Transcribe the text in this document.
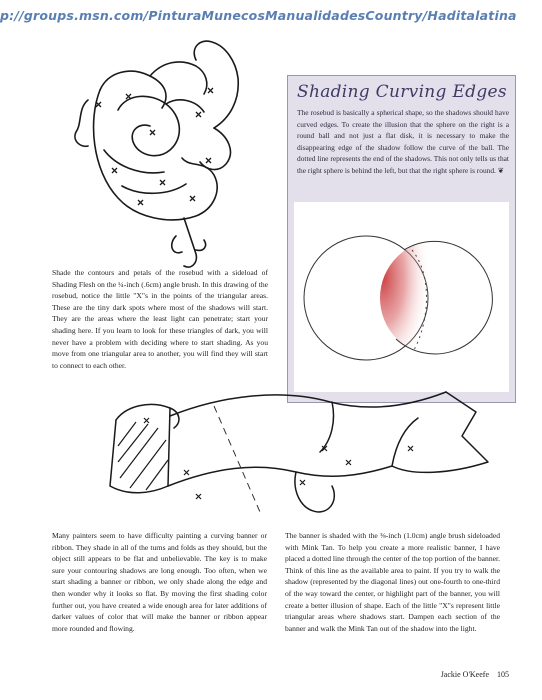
p://groups.msn.com/PinturaMunecosManualidadesCountry/Haditalatina
Shading Curving Edges
The rosebud is basically a spherical shape, so the shadows should have curved edges. To create the illusion that the sphere on the right is a round ball and not just a flat disk, it is necessary to make the disappearing edge of the shadow follow the curve of the ball. The dotted line represents the end of the shadows. This not only tells us that the right sphere is behind the left, but that the right sphere is round. ❦
Shade the contours and petals of the rosebud with a sideload of Shading Flesh on the ¼-inch (.6cm) angle brush. In this drawing of the rosebud, notice the little "X"s in the points of the triangular areas. These are the tiny dark spots where most of the shadows will start. They are the areas where the least light can penetrate; start your shading here. If you learn to look for these triangles of dark, you will never have a problem with deciding where to start shading. As you move from one triangular area to another, you will find they will start to connect to each other.
Many painters seem to have difficulty painting a curving banner or ribbon. They shade in all of the turns and folds as they should, but the object still appears to be flat and unbelievable. The key is to make sure your contouring shadows are long enough. Too often, when we start shading a banner or ribbon, we only shade along the edge and then wonder why it looks so flat. By moving the first shading color further out, you have created a wide enough area for later additions of darker values of color that will make the banner or ribbon appear more rounded and flowing.
The banner is shaded with the ⅜-inch (1.0cm) angle brush sideloaded with Mink Tan. To help you create a more realistic banner, I have placed a dotted line through the center of the top portion of the banner. Think of this line as the available area to paint. If you try to walk the shadow (represented by the diagonal lines) out one-fourth to one-third of the way toward the center, or highlight part of the banner, you will create a better illusion of shape. Each of the little "X"s represent little triangular areas where shadows start. Dampen each section of the banner and walk the Mink Tan out of the shadow into the light.
Jackie O'Keefe 105
